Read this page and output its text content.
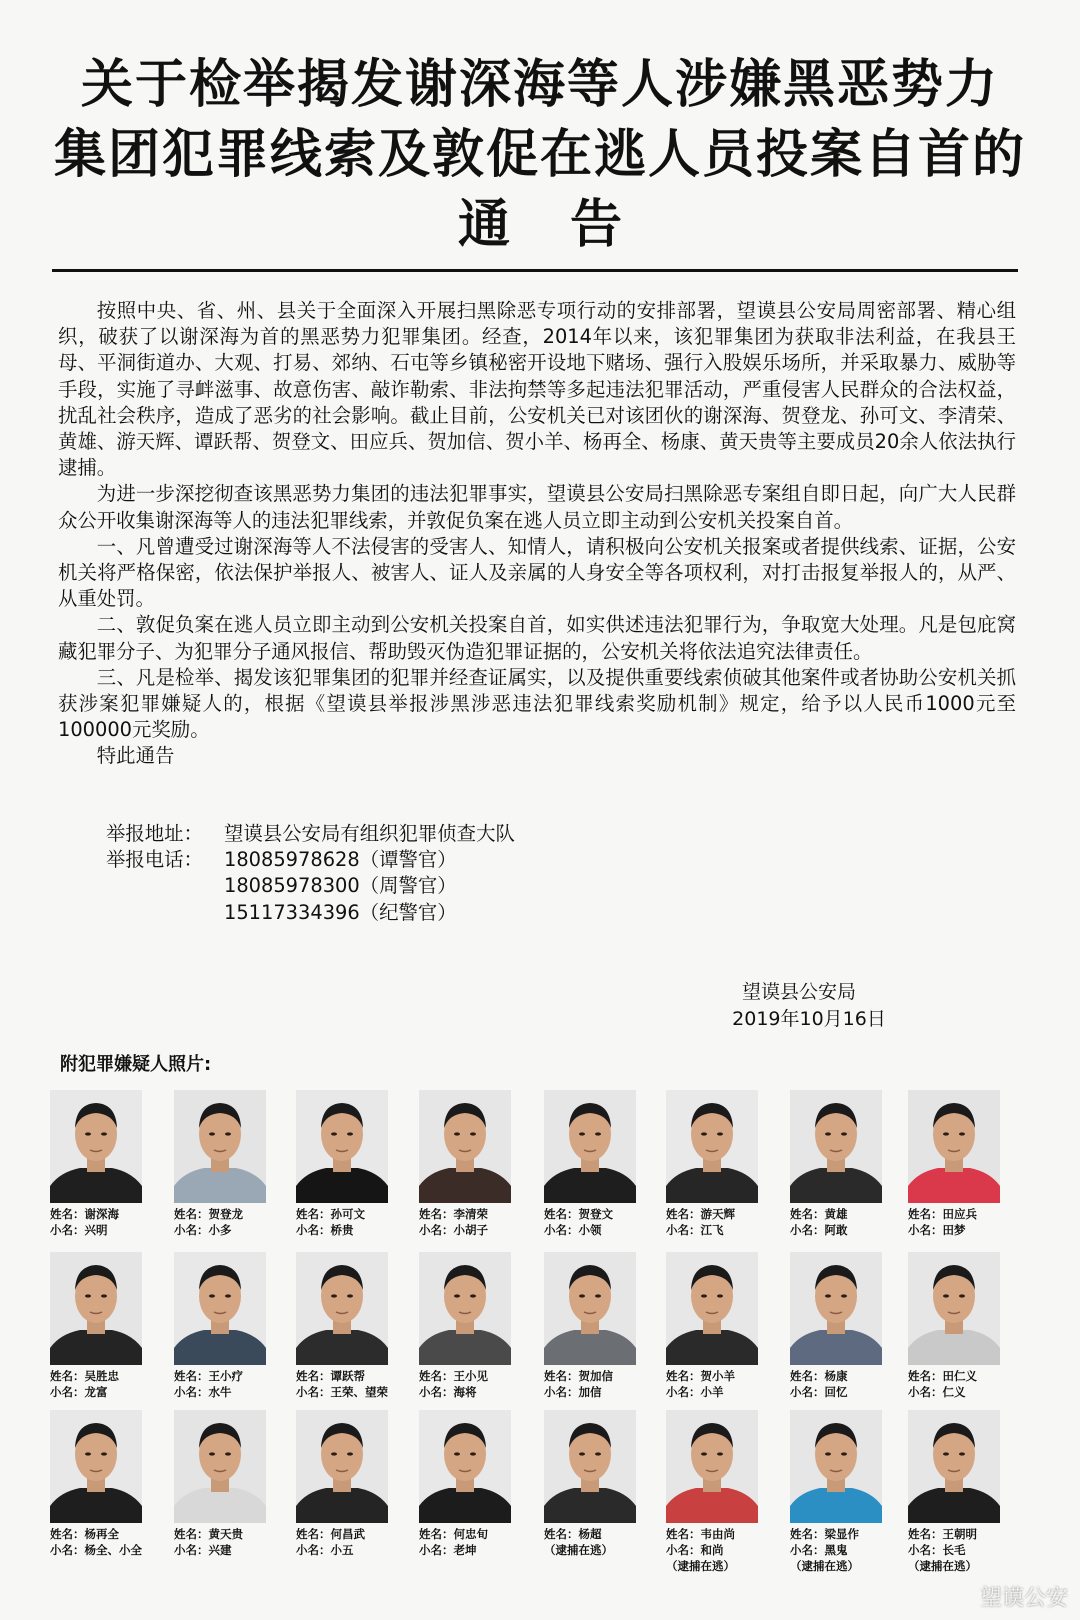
关于检举揭发谢深海等人涉嫌黑恶势力
集团犯罪线索及敦促在逃人员投案自首的
通告

按照中央、省、州、县关于全面深入开展扫黑除恶专项行动的安排部署，望谟县公安局周密部署、精心组织，破获了以谢深海为首的黑恶势力犯罪集团。经查，2014年以来，该犯罪集团为获取非法利益，在我县王母、平洞街道办、大观、打易、郊纳、石屯等乡镇秘密开设地下赌场、强行入股娱乐场所，并采取暴力、威胁等手段，实施了寻衅滋事、故意伤害、敲诈勒索、非法拘禁等多起违法犯罪活动，严重侵害人民群众的合法权益，扰乱社会秩序，造成了恶劣的社会影响。截止目前，公安机关已对该团伙的谢深海、贺登龙、孙可文、李清荣、黄雄、游天辉、谭跃帮、贺登文、田应兵、贺加信、贺小羊、杨再全、杨康、黄天贵等主要成员20余人依法执行逮捕。

为进一步深挖彻查该黑恶势力集团的违法犯罪事实，望谟县公安局扫黑除恶专案组自即日起，向广大人民群众公开收集谢深海等人的违法犯罪线索，并敦促负案在逃人员立即主动到公安机关投案自首。

一、凡曾遭受过谢深海等人不法侵害的受害人、知情人，请积极向公安机关报案或者提供线索、证据，公安机关将严格保密，依法保护举报人、被害人、证人及亲属的人身安全等各项权利，对打击报复举报人的，从严、从重处罚。

二、敦促负案在逃人员立即主动到公安机关投案自首，如实供述违法犯罪行为，争取宽大处理。凡是包庇窝藏犯罪分子、为犯罪分子通风报信、帮助毁灭伪造犯罪证据的，公安机关将依法追究法律责任。

三、凡是检举、揭发该犯罪集团的犯罪并经查证属实，以及提供重要线索侦破其他案件或者协助公安机关抓获涉案犯罪嫌疑人的，根据《望谟县举报涉黑涉恶违法犯罪线索奖励机制》规定，给予以人民币1000元至100000元奖励。

特此通告

举报地址： 望谟县公安局有组织犯罪侦查大队
举报电话： 18085978628（谭警官）
18085978300（周警官）
15117334396（纪警官）
望谟县公安局
2019年10月16日
附犯罪嫌疑人照片:
姓名：谢深海
小名：兴明
姓名：贺登龙
小名：小多
姓名：孙可文
小名：桥贵
姓名：李清荣
小名：小胡子
姓名：贺登文
小名：小领
姓名：游天辉
小名：江飞
姓名：黄雄
小名：阿敢
姓名：田应兵
小名：田梦
姓名：吴胜忠
小名：龙富
姓名：王小疗
小名：水牛
姓名：谭跃帮
小名：王荣、望荣
姓名：王小见
小名：海将
姓名：贺加信
小名：加信
姓名：贺小羊
小名：小羊
姓名：杨康
小名：回忆
姓名：田仁义
小名：仁义
姓名：杨再全
小名：杨全、小全
姓名：黄天贵
小名：兴建
姓名：何昌武
小名：小五
姓名：何忠旬
小名：老坤
姓名：杨超
（逮捕在逃）
姓名：韦由尚
小名：和尚
（逮捕在逃）
姓名：梁显作
小名：黑鬼
（逮捕在逃）
姓名：王朝明
小名：长毛
（逮捕在逃）
望谟公安
